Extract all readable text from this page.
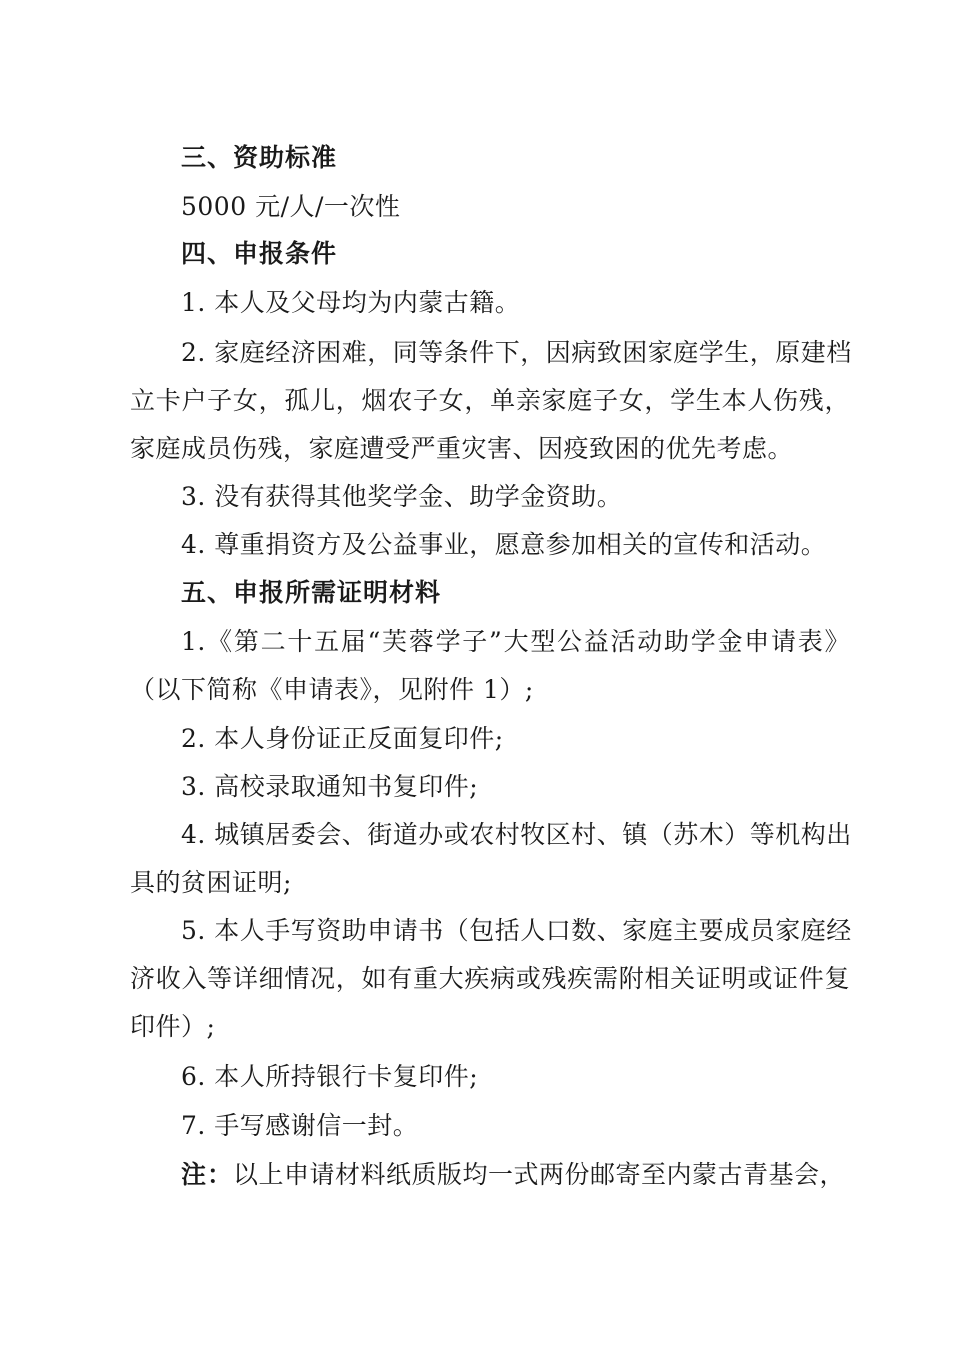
三、资助标准
5000 元/人/一次性
四、申报条件
1. 本人及父母均为内蒙古籍。
2. 家庭经济困难，同等条件下，因病致困家庭学生，原建档
立卡户子女，孤儿，烟农子女，单亲家庭子女，学生本人伤残，
家庭成员伤残，家庭遭受严重灾害、因疫致困的优先考虑。
3. 没有获得其他奖学金、助学金资助。
4. 尊重捐资方及公益事业，愿意参加相关的宣传和活动。
五、申报所需证明材料
1.《第二十五届“芙蓉学子”大型公益活动助学金申请表》
（以下简称《申请表》，见附件 1）;
2. 本人身份证正反面复印件;
3. 高校录取通知书复印件;
4. 城镇居委会、街道办或农村牧区村、镇（苏木）等机构出
具的贫困证明;
5. 本人手写资助申请书（包括人口数、家庭主要成员家庭经
济收入等详细情况，如有重大疾病或残疾需附相关证明或证件复
印件）;
6. 本人所持银行卡复印件;
7. 手写感谢信一封。
注：以上申请材料纸质版均一式两份邮寄至内蒙古青基会，
